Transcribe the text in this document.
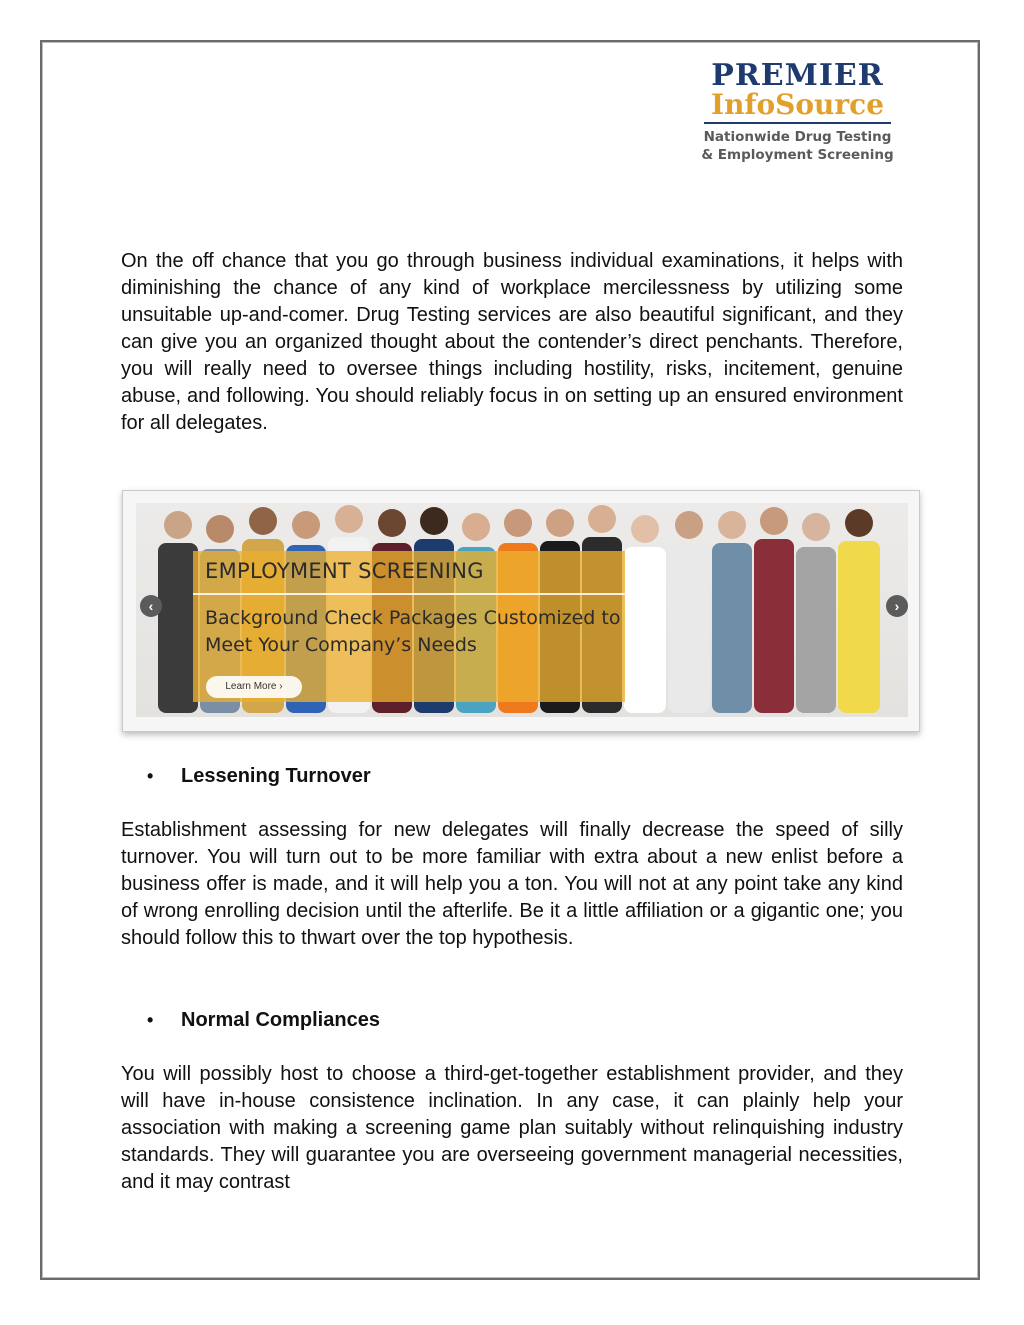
PREMIER
InfoSource
Nationwide Drug Testing
& Employment Screening

On the off chance that you go through business individual examinations, it helps with diminishing the chance of any kind of workplace mercilessness by utilizing some unsuitable up-and-comer. Drug Testing services are also beautiful significant, and they can give you an organized thought about the contender’s direct penchants. Therefore, you will really need to oversee things including hostility, risks, incitement, genuine abuse, and following. You should reliably focus in on setting up an ensured environment for all delegates.

EMPLOYMENT SCREENING
Background Check Packages Customized to Meet Your Company’s Needs
Learn More ›
‹	›
• Lessening Turnover

Establishment assessing for new delegates will finally decrease the speed of silly turnover. You will turn out to be more familiar with extra about a new enlist before a business offer is made, and it will help you a ton. You will not at any point take any kind of wrong enrolling decision until the afterlife. Be it a little affiliation or a gigantic one; you should follow this to thwart over the top hypothesis.

• Normal Compliances

You will possibly host to choose a third-get-together establishment provider, and they will have in-house consistence inclination. In any case, it can plainly help your association with making a screening game plan suitably without relinquishing industry standards. They will guarantee you are overseeing government managerial necessities, and it may contrast
